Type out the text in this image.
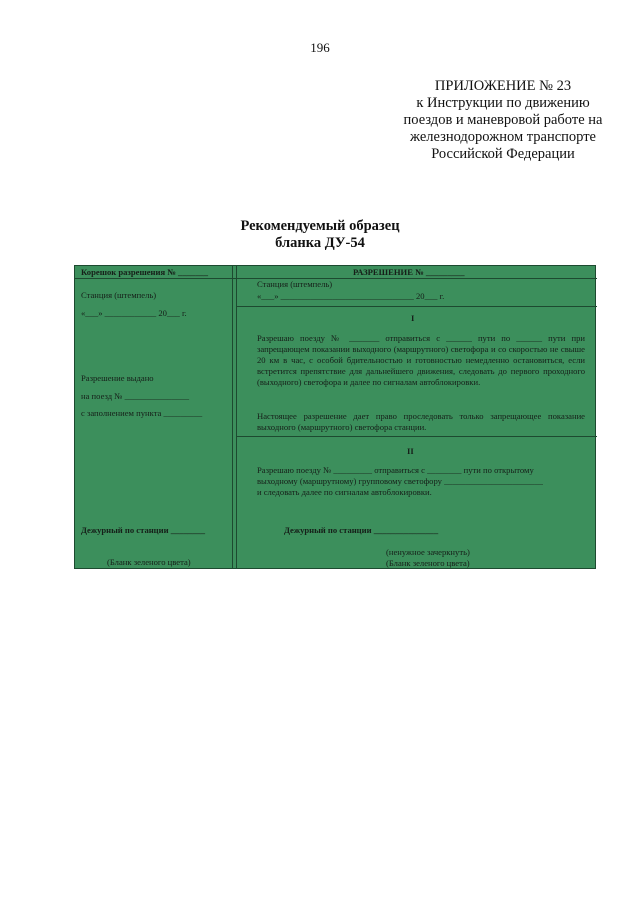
196
ПРИЛОЖЕНИЕ № 23
к Инструкции по движению
поездов и маневровой работе на
железнодорожном транспорте
Российской Федерации
Рекомендуемый образец
бланка ДУ-54
Корешок разрешения № _______
Станция (штемпель)
«___» ____________ 20___ г.
Разрешение выдано
на поезд № _______________
с заполнением пункта _________
Дежурный по станции ________
(Бланк зеленого цвета)
РАЗРЕШЕНИЕ № _________
Станция (штемпель)
«___» _______________________________ 20___ г.
I
Разрешаю поезду № _______ отправиться с ______ пути по ______ пути при запрещающем показании выходного (маршрутного) светофора и со скоростью не свыше 20 км в час, с особой бдительностью и готовностью немедленно остановиться, если встретится препятствие для дальнейшего движения, следовать до первого проходного (выходного) светофора и далее по сигналам автоблокировки.
Настоящее разрешение дает право проследовать только запрещающее показание выходного (маршрутного) светофора станции.
II
Разрешаю поезду № _________ отправиться с ________ пути по открытому
выходному (маршрутному) групповому светофору _______________________
и следовать далее по сигналам автоблокировки.
Дежурный по станции _______________
(ненужное зачеркнуть)
(Бланк зеленого цвета)
